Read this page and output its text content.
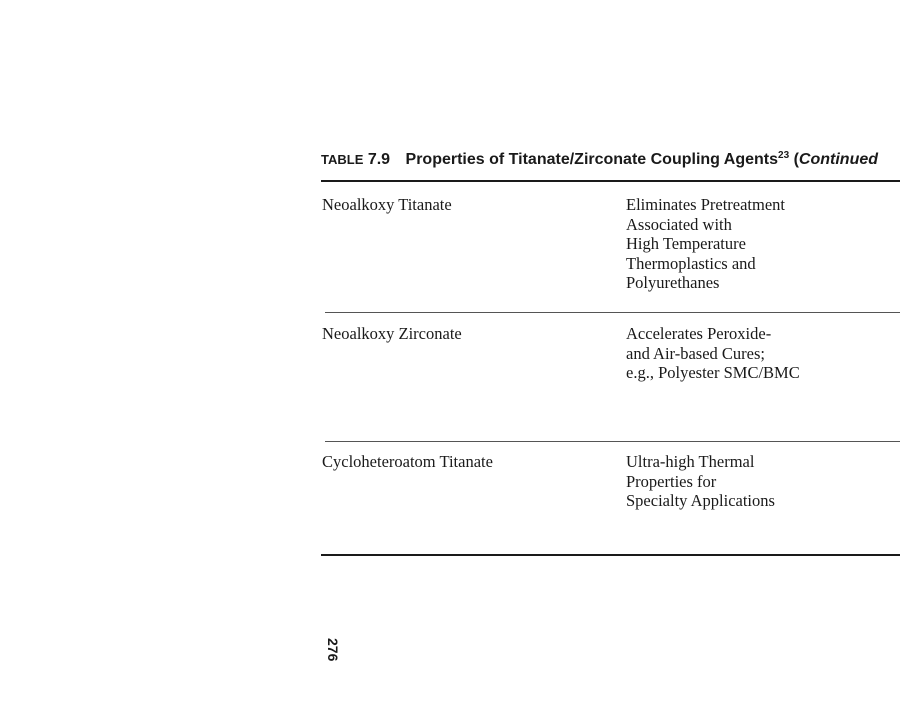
TABLE 7.9 Properties of Titanate/Zirconate Coupling Agents$^{23}$ (Continued
Neoalkoxy Titanate	Eliminates Pretreatment
Associated with
High Temperature
Thermoplastics and
Polyurethanes
Neoalkoxy Zirconate	Accelerates Peroxide-
and Air-based Cures;
e.g., Polyester SMC/BMC
Cycloheteroatom Titanate	Ultra-high Thermal
Properties for
Specialty Applications
276
